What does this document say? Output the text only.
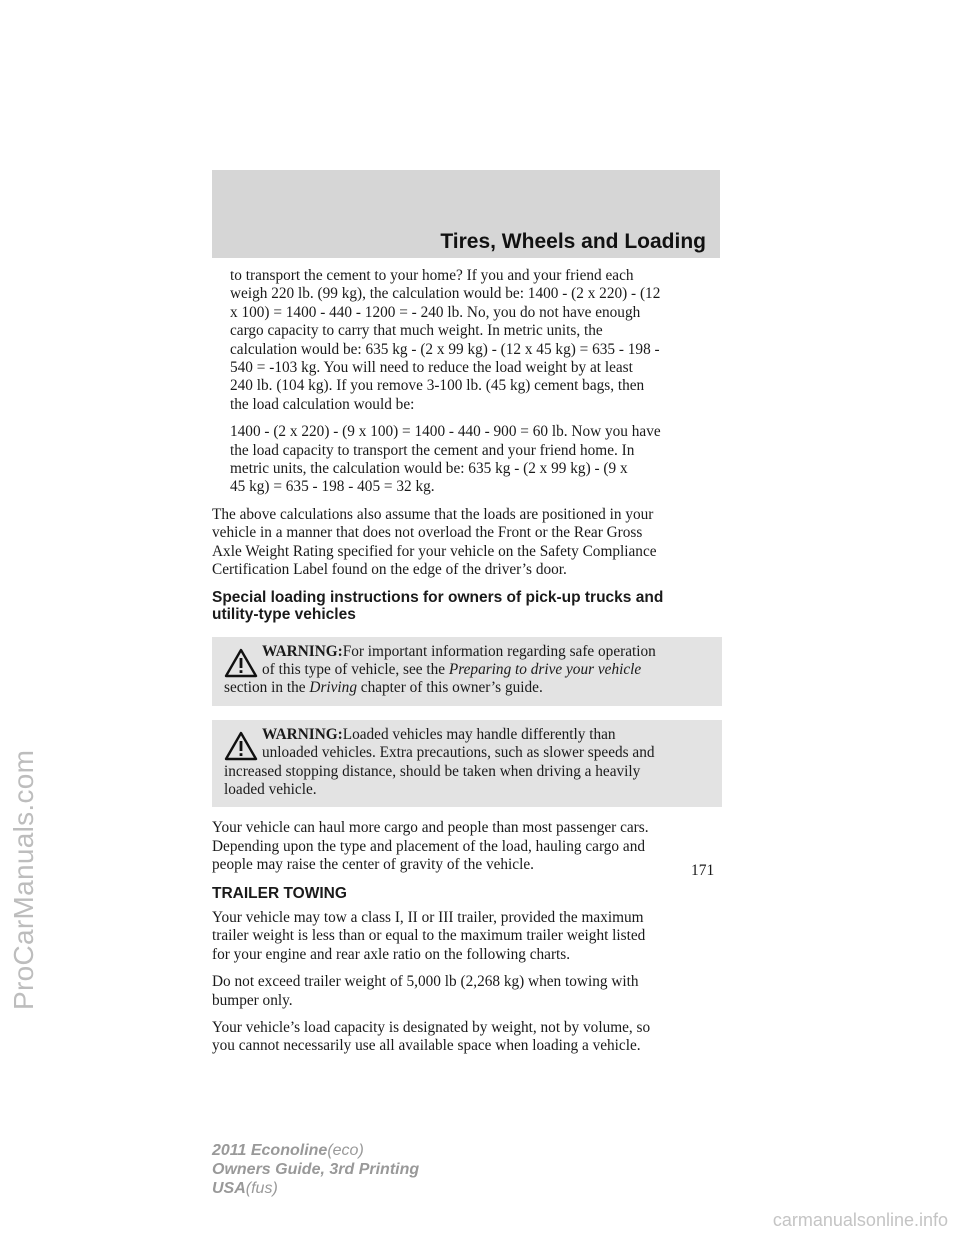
ProCarManuals.com
Tires, Wheels and Loading

to transport the cement to your home? If you and your friend each
weigh 220 lb. (99 kg), the calculation would be: 1400 - (2 x 220) - (12
x 100) = 1400 - 440 - 1200 = - 240 lb. No, you do not have enough
cargo capacity to carry that much weight. In metric units, the
calculation would be: 635 kg - (2 x 99 kg) - (12 x 45 kg) = 635 - 198 -
540 = -103 kg. You will need to reduce the load weight by at least
240 lb. (104 kg). If you remove 3-100 lb. (45 kg) cement bags, then
the load calculation would be:

1400 - (2 x 220) - (9 x 100) = 1400 - 440 - 900 = 60 lb. Now you have
the load capacity to transport the cement and your friend home. In
metric units, the calculation would be: 635 kg - (2 x 99 kg) - (9 x
45 kg) = 635 - 198 - 405 = 32 kg.

The above calculations also assume that the loads are positioned in your
vehicle in a manner that does not overload the Front or the Rear Gross
Axle Weight Rating specified for your vehicle on the Safety Compliance
Certification Label found on the edge of the driver’s door.

Special loading instructions for owners of pick-up trucks and
utility-type vehicles
WARNING:For important information regarding safe operation
of this type of vehicle, see the Preparing to drive your vehicle
section in the Driving chapter of this owner’s guide.
WARNING:Loaded vehicles may handle differently than
unloaded vehicles. Extra precautions, such as slower speeds and
increased stopping distance, should be taken when driving a heavily
loaded vehicle.

Your vehicle can haul more cargo and people than most passenger cars.
Depending upon the type and placement of the load, hauling cargo and
people may raise the center of gravity of the vehicle.

TRAILER TOWING

Your vehicle may tow a class I, II or III trailer, provided the maximum
trailer weight is less than or equal to the maximum trailer weight listed
for your engine and rear axle ratio on the following charts.

Do not exceed trailer weight of 5,000 lb (2,268 kg) when towing with
bumper only.

Your vehicle’s load capacity is designated by weight, not by volume, so
you cannot necessarily use all available space when loading a vehicle.

171
2011 Econoline(eco)
Owners Guide, 3rd Printing
USA(fus)
carmanualsonline.info
